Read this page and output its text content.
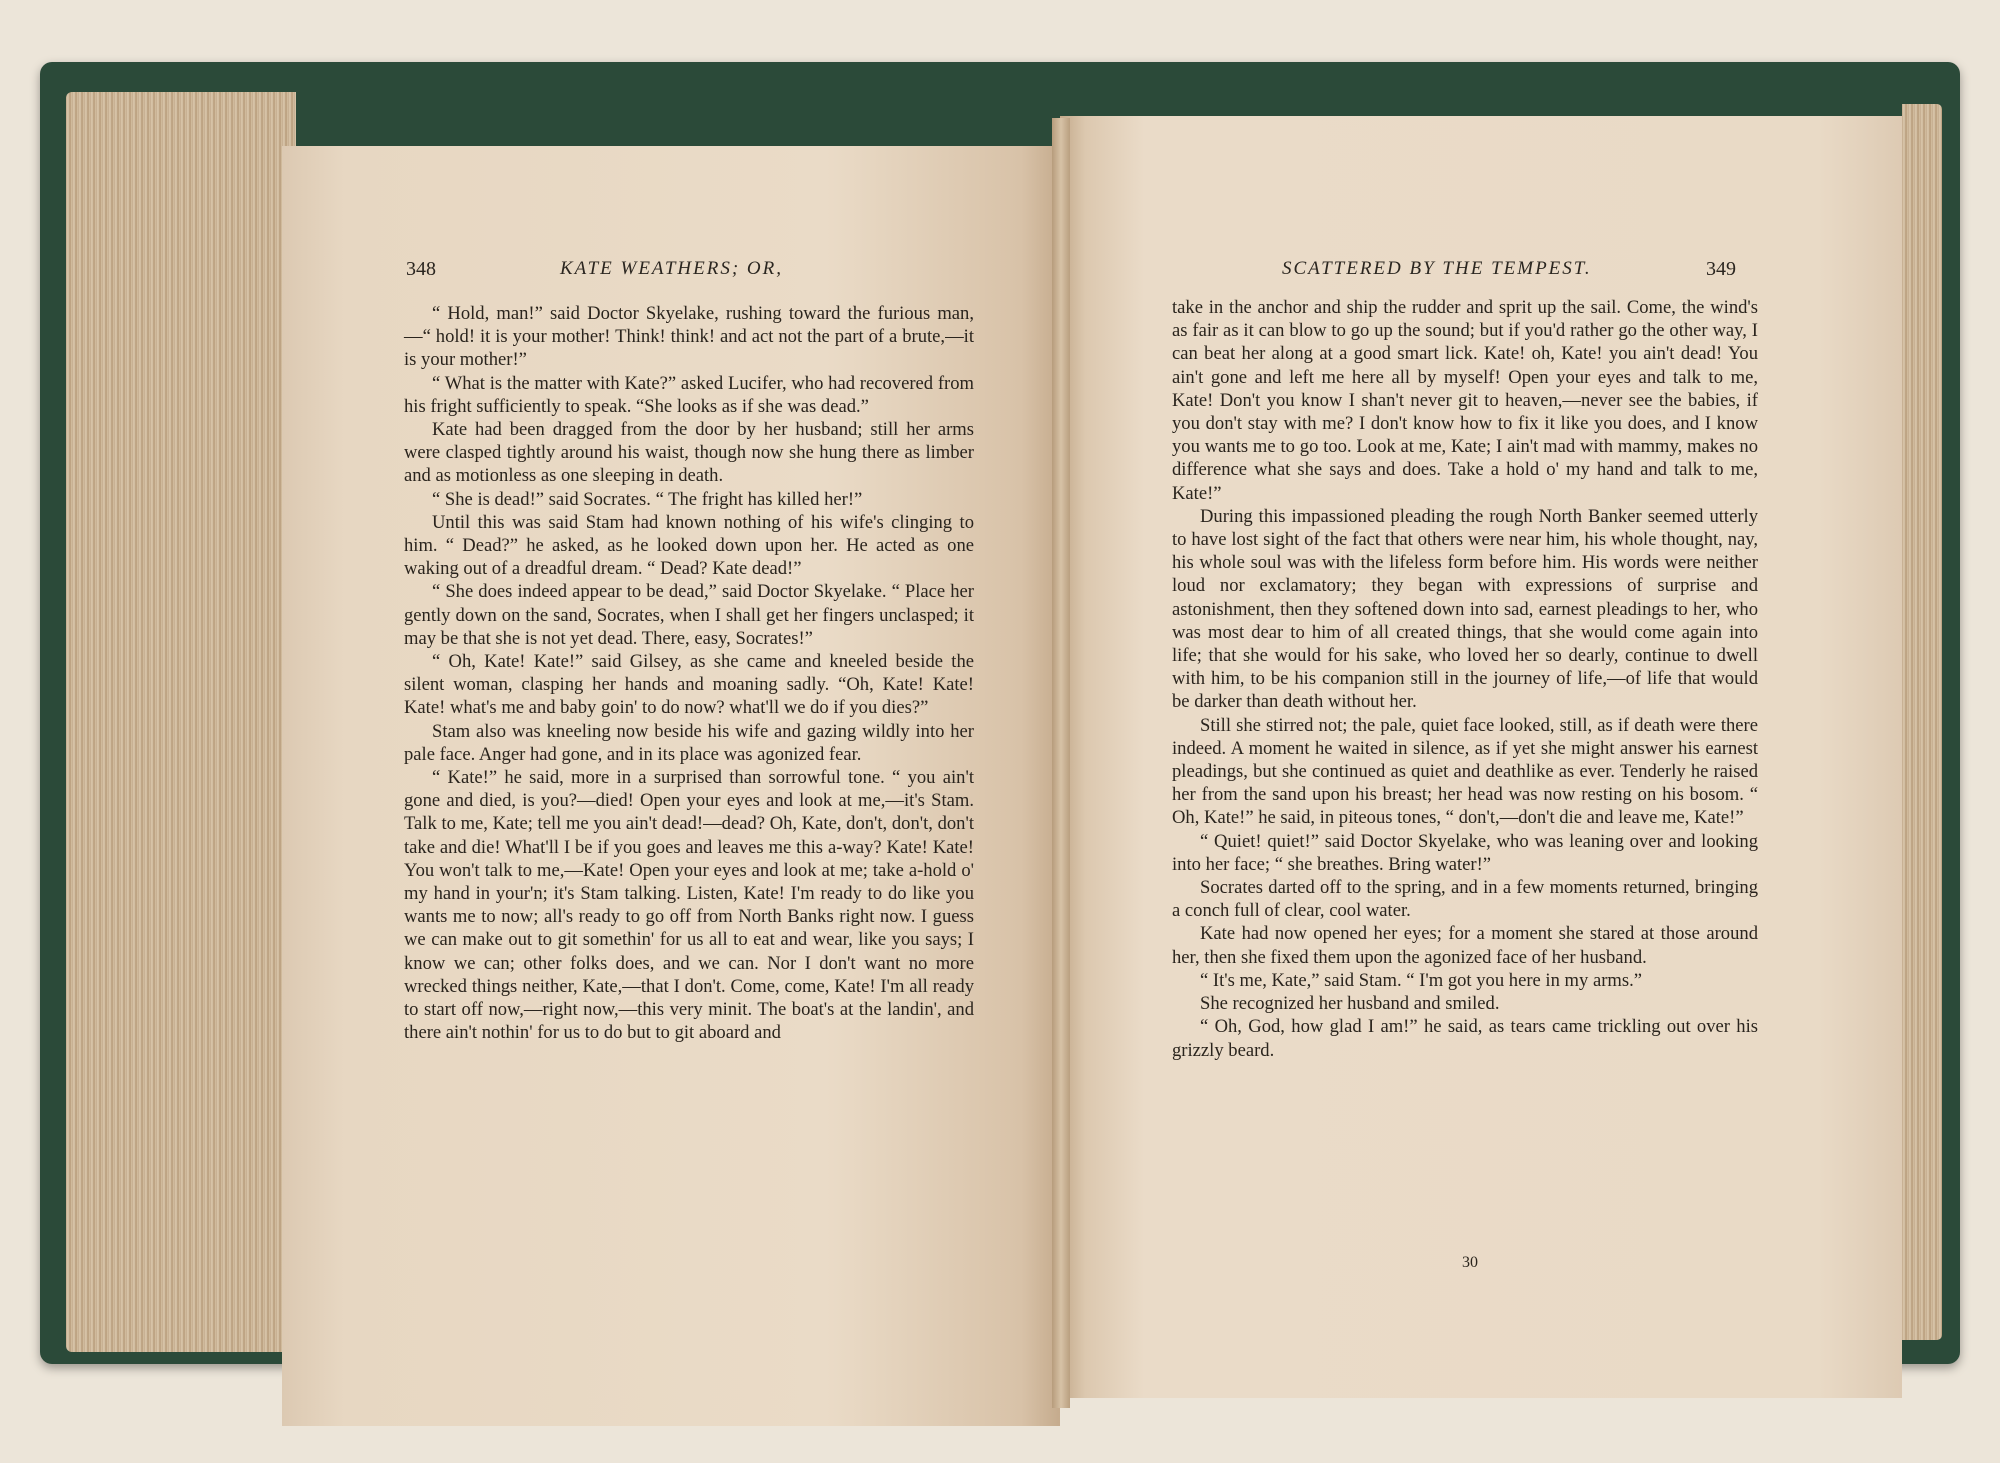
348	KATE WEATHERS; OR,	SCATTERED BY THE TEMPEST.	349

“ Hold, man!” said Doctor Skyelake, rushing toward the furious man,—“ hold! it is your mother! Think! think! and act not the part of a brute,—it is your mother!”

“ What is the matter with Kate?” asked Lucifer, who had recovered from his fright sufficiently to speak. “She looks as if she was dead.”

Kate had been dragged from the door by her husband; still her arms were clasped tightly around his waist, though now she hung there as limber and as motionless as one sleeping in death.

“ She is dead!” said Socrates. “ The fright has killed her!”

Until this was said Stam had known nothing of his wife's clinging to him. “ Dead?” he asked, as he looked down upon her. He acted as one waking out of a dreadful dream. “ Dead? Kate dead!”

“ She does indeed appear to be dead,” said Doctor Skyelake. “ Place her gently down on the sand, Socrates, when I shall get her fingers unclasped; it may be that she is not yet dead. There, easy, Socrates!”

“ Oh, Kate! Kate!” said Gilsey, as she came and kneeled beside the silent woman, clasping her hands and moaning sadly. “Oh, Kate! Kate! Kate! what's me and baby goin' to do now? what'll we do if you dies?”

Stam also was kneeling now beside his wife and gazing wildly into her pale face. Anger had gone, and in its place was agonized fear.

“ Kate!” he said, more in a surprised than sorrowful tone. “ you ain't gone and died, is you?—died! Open your eyes and look at me,—it's Stam. Talk to me, Kate; tell me you ain't dead!—dead? Oh, Kate, don't, don't, don't take and die! What'll I be if you goes and leaves me this a-way? Kate! Kate! You won't talk to me,—Kate! Open your eyes and look at me; take a-hold o' my hand in your'n; it's Stam talking. Listen, Kate! I'm ready to do like you wants me to now; all's ready to go off from North Banks right now. I guess we can make out to git somethin' for us all to eat and wear, like you says; I know we can; other folks does, and we can. Nor I don't want no more wrecked things neither, Kate,—that I don't. Come, come, Kate! I'm all ready to start off now,—right now,—this very minit. The boat's at the landin', and there ain't nothin' for us to do but to git aboard and

take in the anchor and ship the rudder and sprit up the sail. Come, the wind's as fair as it can blow to go up the sound; but if you'd rather go the other way, I can beat her along at a good smart lick. Kate! oh, Kate! you ain't dead! You ain't gone and left me here all by myself! Open your eyes and talk to me, Kate! Don't you know I shan't never git to heaven,—never see the babies, if you don't stay with me? I don't know how to fix it like you does, and I know you wants me to go too. Look at me, Kate; I ain't mad with mammy, makes no difference what she says and does. Take a hold o' my hand and talk to me, Kate!”

During this impassioned pleading the rough North Banker seemed utterly to have lost sight of the fact that others were near him, his whole thought, nay, his whole soul was with the lifeless form before him. His words were neither loud nor exclamatory; they began with expressions of surprise and astonishment, then they softened down into sad, earnest pleadings to her, who was most dear to him of all created things, that she would come again into life; that she would for his sake, who loved her so dearly, continue to dwell with him, to be his companion still in the journey of life,—of life that would be darker than death without her.

Still she stirred not; the pale, quiet face looked, still, as if death were there indeed. A moment he waited in silence, as if yet she might answer his earnest pleadings, but she continued as quiet and deathlike as ever. Tenderly he raised her from the sand upon his breast; her head was now resting on his bosom. “ Oh, Kate!” he said, in piteous tones, “ don't,—don't die and leave me, Kate!”

“ Quiet! quiet!” said Doctor Skyelake, who was leaning over and looking into her face; “ she breathes. Bring water!”

Socrates darted off to the spring, and in a few moments returned, bringing a conch full of clear, cool water.

Kate had now opened her eyes; for a moment she stared at those around her, then she fixed them upon the agonized face of her husband.

“ It's me, Kate,” said Stam. “ I'm got you here in my arms.”

She recognized her husband and smiled.

“ Oh, God, how glad I am!” he said, as tears came trickling out over his grizzly beard.

30
